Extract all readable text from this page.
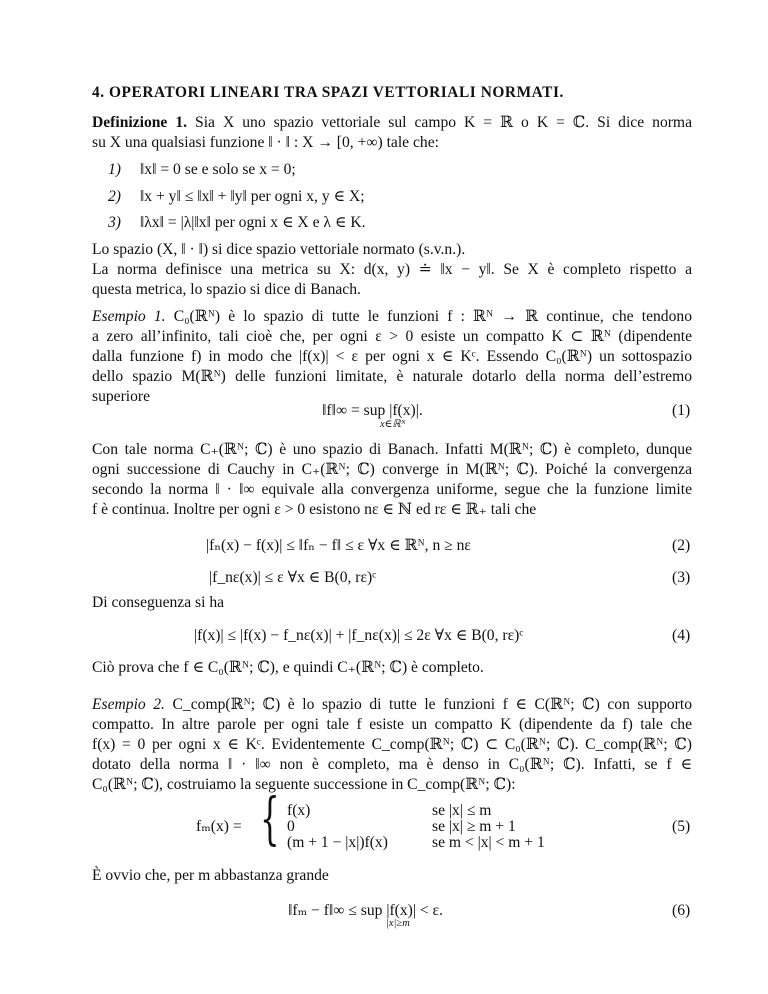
4. OPERATORI LINEARI TRA SPAZI VETTORIALI NORMATI.
Definizione 1. Sia X uno spazio vettoriale sul campo K = ℝ o K = ℂ. Si dice norma
su X una qualsiasi funzione ‖ · ‖ : X → [0, +∞) tale che:
1) ‖x‖ = 0 se e solo se x = 0;
2) ‖x + y‖ ≤ ‖x‖ + ‖y‖ per ogni x, y ∈ X;
3) ‖λx‖ = |λ|‖x‖ per ogni x ∈ X e λ ∈ K.
Lo spazio (X, ‖ · ‖) si dice spazio vettoriale normato (s.v.n.).
La norma definisce una metrica su X: d(x, y) ≐ ‖x − y‖. Se X è completo rispetto a
questa metrica, lo spazio si dice di Banach.
Esempio 1. C₀(ℝᴺ) è lo spazio di tutte le funzioni f : ℝᴺ → ℝ continue, che tendono
a zero all’infinito, tali cioè che, per ogni ε > 0 esiste un compatto K ⊂ ℝᴺ (dipendente
dalla funzione f) in modo che |f(x)| < ε per ogni x ∈ Kᶜ. Essendo C₀(ℝᴺ) un sottospazio
dello spazio M(ℝᴺ) delle funzioni limitate, è naturale dotarlo della norma dell’estremo
superiore
‖f‖∞ = sup |f(x)|.
x∈ℝᴺ
(1)
Con tale norma C₊(ℝᴺ; ℂ) è uno spazio di Banach. Infatti M(ℝᴺ; ℂ) è completo, dunque
ogni successione di Cauchy in C₊(ℝᴺ; ℂ) converge in M(ℝᴺ; ℂ). Poiché la convergenza
secondo la norma ‖ · ‖∞ equivale alla convergenza uniforme, segue che la funzione limite
f è continua. Inoltre per ogni ε > 0 esistono nε ∈ ℕ ed rε ∈ ℝ₊ tali che
|fₙ(x) − f(x)| ≤ ‖fₙ − f‖ ≤ ε ∀x ∈ ℝᴺ, n ≥ nε	(2)
|f_nε(x)| ≤ ε ∀x ∈ B(0, rε)ᶜ	(3)
Di conseguenza si ha
|f(x)| ≤ |f(x) − f_nε(x)| + |f_nε(x)| ≤ 2ε ∀x ∈ B(0, rε)ᶜ	(4)
Ciò prova che f ∈ C₀(ℝᴺ; ℂ), e quindi C₊(ℝᴺ; ℂ) è completo.
Esempio 2. C_comp(ℝᴺ; ℂ) è lo spazio di tutte le funzioni f ∈ C(ℝᴺ; ℂ) con supporto
compatto. In altre parole per ogni tale f esiste un compatto K (dipendente da f) tale che
f(x) = 0 per ogni x ∈ Kᶜ. Evidentemente C_comp(ℝᴺ; ℂ) ⊂ C₀(ℝᴺ; ℂ). C_comp(ℝᴺ; ℂ)
dotato della norma ‖ · ‖∞ non è completo, ma è denso in C₀(ℝᴺ; ℂ). Infatti, se f ∈
C₀(ℝᴺ; ℂ), costruiamo la seguente successione in C_comp(ℝᴺ; ℂ):
fₘ(x) = { f(x)	se |x| ≤ m
0	se |x| ≥ m + 1
(m + 1 − |x|)f(x)	se m < |x| < m + 1
(5)
È ovvio che, per m abbastanza grande
‖fₘ − f‖∞ ≤ sup |f(x)| < ε.
|x|≥m
(6)
